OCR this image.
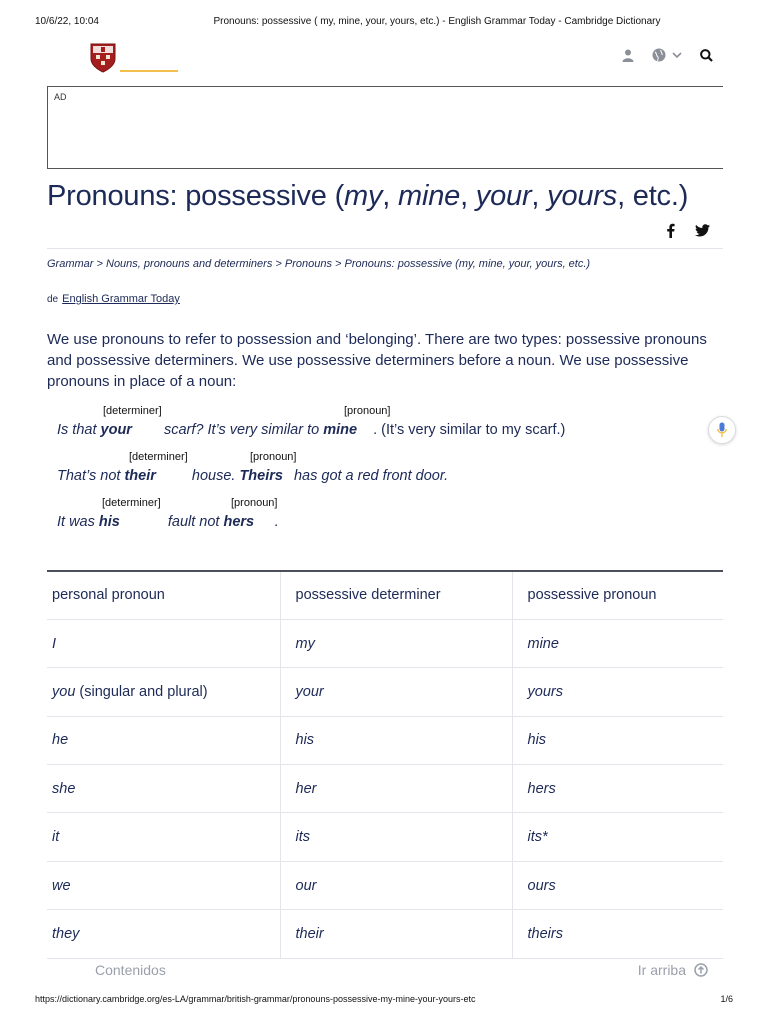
10/6/22, 10:04	Pronouns: possessive ( my, mine, your, yours, etc.) - English Grammar Today - Cambridge Dictionary
AD
Pronouns: possessive (my, mine, your, yours, etc.)
Grammar > Nouns, pronouns and determiners > Pronouns > Pronouns: possessive (my, mine, your, yours, etc.)
de English Grammar Today

We use pronouns to refer to possession and ‘belonging’. There are two types: possessive pronouns and possessive determiners. We use possessive determiners before a noun. We use possessive pronouns in place of a noun:

[determiner]	[pronoun]
Is that your scarf? It’s very similar to mine . (It’s very similar to my scarf.)
[determiner]	[pronoun]
That’s not their house. Theirs has got a red front door.
[determiner]	[pronoun]
It was his	fault not hers .
personal pronoun	possessive determiner	possessive pronoun
I	my	mine
you (singular and plural)	your	yours
he	his	his
she	her	hers
it	its	its*
we	our	ours
they	their	theirs
Contenidos	Ir arriba
https://dictionary.cambridge.org/es-LA/grammar/british-grammar/pronouns-possessive-my-mine-your-yours-etc	1/6
